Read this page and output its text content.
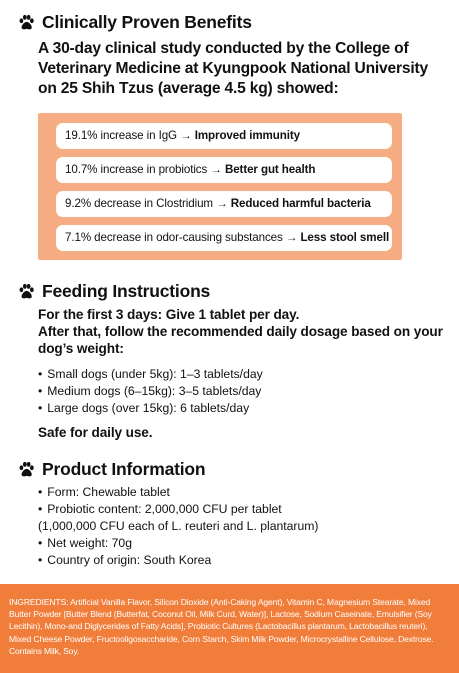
Clinically Proven Benefits
A 30-day clinical study conducted by the College of Veterinary Medicine at Kyungpook National University on 25 Shih Tzus (average 4.5 kg) showed:
19.1% increase in IgG → Improved immunity
10.7% increase in probiotics → Better gut health
9.2% decrease in Clostridium → Reduced harmful bacteria
7.1% decrease in odor-causing substances → Less stool smell
Feeding Instructions
For the first 3 days: Give 1 tablet per day.
After that, follow the recommended daily dosage based on your dog’s weight:
• Small dogs (under 5kg): 1–3 tablets/day
• Medium dogs (6–15kg): 3–5 tablets/day
• Large dogs (over 15kg): 6 tablets/day
Safe for daily use.
Product Information
• Form: Chewable tablet
• Probiotic content: 2,000,000 CFU per tablet
(1,000,000 CFU each of L. reuteri and L. plantarum)
• Net weight: 70g
• Country of origin: South Korea
INGREDIENTS: Artificial Vanilla Flavor, Silicon Dioxide (Anti-Caking Agent), Vitamin C, Magnesium Stearate, Mixed Butter Powder [Butter Blend (Butterfat, Coconut Oil, Milk Curd, Water)], Lactose, Sodium Caseinate, Emulsifier (Soy Lecithin), Mono-and Diglycerides of Fatty Acids], Probiotic Cultures (Lactobacillus plantarum, Lactobacillus reuteri), Mixed Cheese Powder, Fructooligosaccharide, Corn Starch, Skim Milk Powder, Microcrystalline Cellulose, Dextrose. Contains Milk, Soy.
